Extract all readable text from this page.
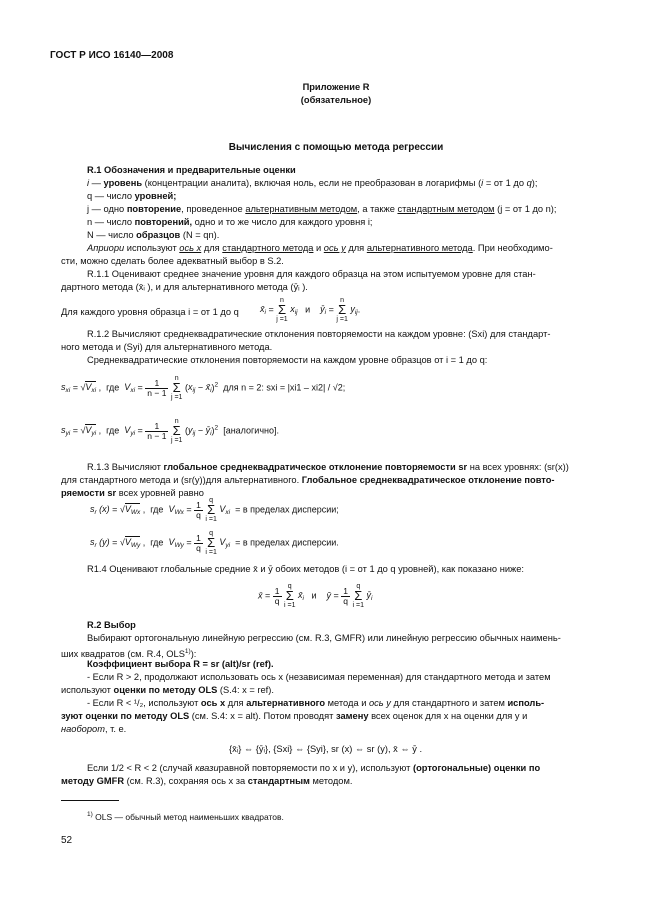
ГОСТ Р ИСО 16140—2008
Приложение R
(обязательное)
Вычисления с помощью метода регрессии
R.1 Обозначения и предварительные оценки
i — уровень (концентрации аналита), включая ноль, если не преобразован в логарифмы (i = от 1 до q);
q — число уровней;
j — одно повторение, проведенное альтернативным методом, а также стандартным методом (j = от 1 до n);
n — число повторений, одно и то же число для каждого уровня i;
N — число образцов (N = qn).
Априори используют ось x для стандартного метода и ось y для альтернативного метода. При необходимо-
сти, можно сделать более адекватный выбор в S.2.
R.1.1 Оценивают среднее значение уровня для каждого образца на этом испытуемом уровне для стан-
дартного метода (x̄ᵢ ), и для альтернативного метода (ȳᵢ ).
Для каждого уровня образца i = от 1 до q $x̄_i = n$
Σ
j =1 $x_{ij}$   и    $ȳ_i = n$
Σ
j =1 $y_{ij}$.
R.1.2 Вычисляют среднеквадратические отклонения повторяемости на каждом уровне: (Sxi) для стандарт-
ного метода и (Syi) для альтернативного метода.
Среднеквадратические отклонения повторяемости на каждом уровне образцов от i = 1 до q:
$s_{xi} = √V_{xi}$ ,  где $V_{xi} = \frac{1}{n - 1}$ n
Σ
j =1 ($x_{ij}$ − $x̄_i)^2$ для n = 2: sxi = |xi1 – xi2| / √2;
$s_{yi} = √V_{yi}$ ,  где $V_{yi} = \frac{1}{n - 1}$ n
Σ
j =1 ($y_{ij}$ − $ȳ_i)^2$ [аналогично].
R.1.3 Вычисляют глобальное среднеквадратическое отклонение повторяемости sr на всех уровнях: (sr(x))
для стандартного метода и (sr(y))для альтернативного. Глобальное среднеквадратическое отклонение повто-
ряемости sr всех уровней равно
$s_r$ $(x) = √V_{Wx}$ ,  где $V_{Wx} = \frac{1}{q}$ q
Σ
i =1 $V_{xi} = в$ пределах дисперсии;
$s_r$ $(y) = √V_{Wy}$ ,  где $V_{Wy} = \frac{1}{q}$ q
Σ
i =1 $V_{yi} = в$ пределах дисперсии.
R1.4 Оценивают глобальные средние x̄ и ȳ обоих методов (i = от 1 до q уровней), как показано ниже:
x̄ = $\frac{1}{q}$ q
Σ
i =1 $x̄_i$ и ȳ = $\frac{1}{q}$ q
Σ
i =1 $ȳ_i$
R.2 Выбор
Выбирают ортогональную линейную регрессию (см. R.3, GMFR) или линейную регрессию обычных наимень-
ших квадратов (см. R.4, OLS$^{1)}$):
Коэффициент выбора R = sr (alt)/sr (ref).
- Если R > 2, продолжают использовать ось x (независимая переменная) для стандартного метода и затем
используют оценки по методу OLS (S.4: x = ref).
- Если R < ¹/₂, используют ось x для альтернативного метода и ось y для стандартного и затем исполь-
зуют оценки по методу OLS (см. S.4: x = alt). Потом проводят замену всех оценок для x на оценки для y и
наоборот, т. е.
{x̄ᵢ} ⇔ {ȳᵢ}, {Sxi} ⇔ {Syi}, sr (x) ⇔ sr (y), x̄ ⇔ ȳ .
Если 1/2 < R < 2 (случай квазиравной повторяемости по x и y), используют (ортогональные) оценки по
методу GMFR (см. R.3), сохраняя ось x за стандартным методом.
$^{1)}$ OLS — обычный метод наименьших квадратов.
52
